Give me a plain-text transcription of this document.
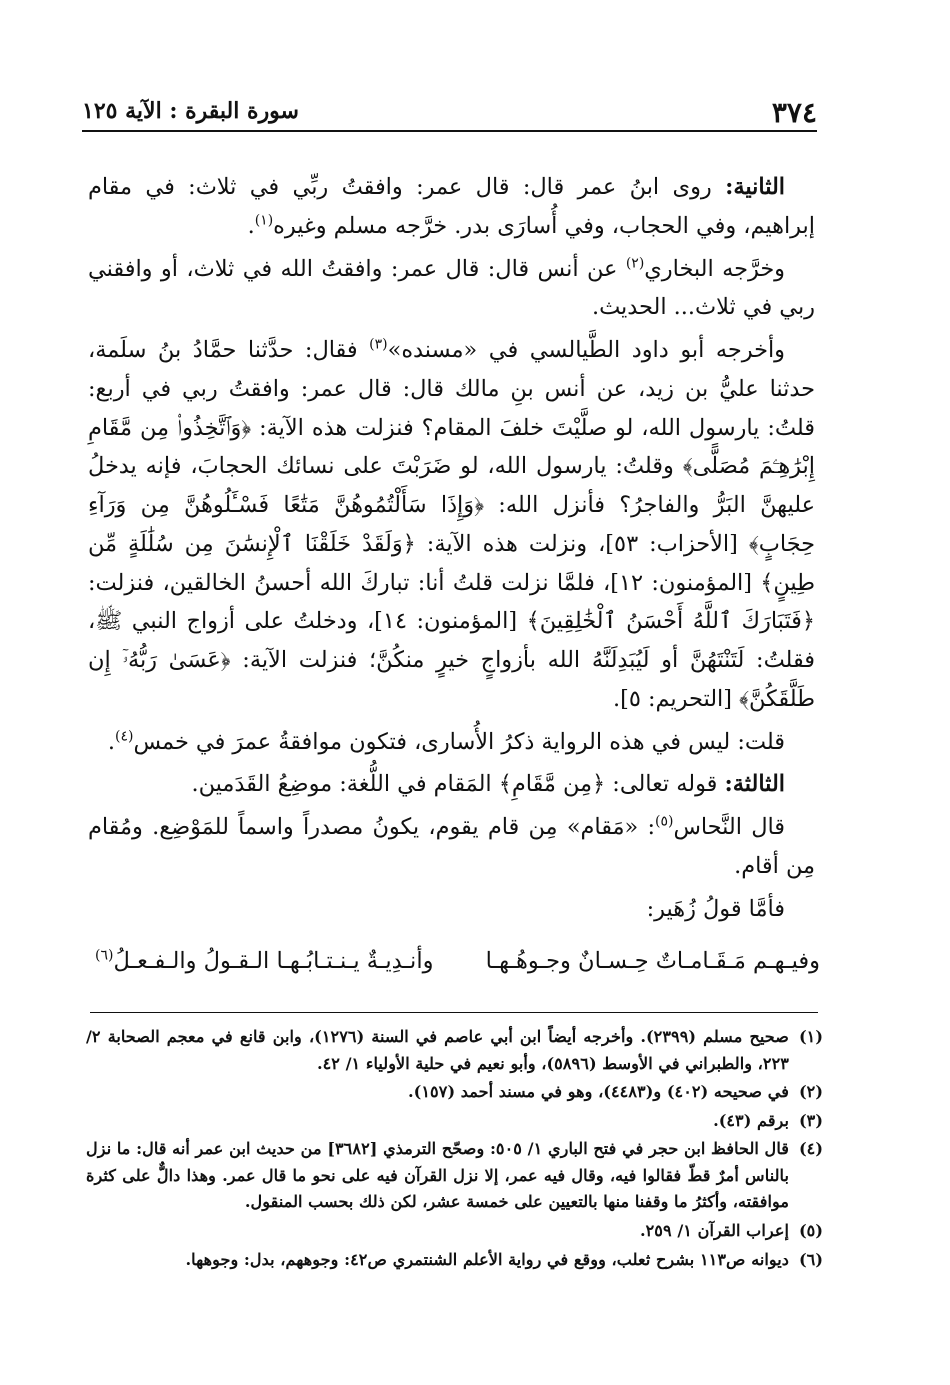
٣٧٤
سورة البقرة : الآية ١٢٥

الثانية: روى ابنُ عمر قال: قال عمر: وافقتُ ربِّي في ثلاث: في مقام إبراهيم، وفي الحجاب، وفي أُسارَى بدر. خرَّجه مسلم وغيره$^{(١)}$.

وخرَّجه البخاري$^{(٢)}$ عن أنس قال: قال عمر: وافقتُ الله في ثلاث، أو وافقني ربي في ثلاث... الحديث.

وأخرجه أبو داود الطَّيالسي في «مسنده»$^{(٣)}$ فقال: حدَّثنا حمَّادُ بنُ سلَمة، حدثنا عليُّ بن زيد، عن أنس بنِ مالك قال: قال عمر: وافقتُ ربي في أربع: قلتُ: يارسول الله، لو صلَّيْتَ خلفَ المقام؟ فنزلت هذه الآية: ﴿وَٱتَّخِذُوا۟ مِن مَّقَامِ إِبْرَٰهِـۧمَ مُصَلًّى﴾ وقلتُ: يارسول الله، لو ضَرَبْتَ على نسائك الحجابَ، فإنه يدخلُ عليهنَّ البَرُّ والفاجرُ؟ فأنزل الله: ﴿وَإِذَا سَأَلْتُمُوهُنَّ مَتَٰعًا فَسْـَٔلُوهُنَّ مِن وَرَآءِ حِجَابٍ﴾ [الأحزاب: ٥٣]، ونزلت هذه الآية: ﴿وَلَقَدْ خَلَقْنَا ٱلْإِنسَٰنَ مِن سُلَٰلَةٍ مِّن طِينٍ﴾ [المؤمنون: ١٢]، فلمَّا نزلت قلتُ أنا: تباركَ الله أحسنُ الخالقين، فنزلت: ﴿فَتَبَارَكَ ٱللَّهُ أَحْسَنُ ٱلْخَٰلِقِينَ﴾ [المؤمنون: ١٤]، ودخلتُ على أزواج النبي ﷺ، فقلتُ: لَتَنْتَهُنَّ أو لَيُبَدِلَنَّهُ الله بأزواجٍ خيرٍ منكُنَّ؛ فنزلت الآية: ﴿عَسَىٰ رَبُّهُۥٓ إِن طَلَّقَكُنَّ﴾ [التحريم: ٥].

قلت: ليس في هذه الرواية ذكرُ الأُسارى، فتكون موافقةُ عمرَ في خمس$^{(٤)}$.

الثالثة: قوله تعالى: ﴿مِن مَّقَامِ﴾ المَقام في اللُّغة: موضِعُ القَدَمين.

قال النَّحاس$^{(٥)}$: «مَقام» مِن قام يقوم، يكونُ مصدراً واسماً للمَوْضِع. ومُقام مِن أقام.

فأمَّا قولُ زُهَير:

وفيـهـم مَـقَـامـاتٌ حِـسـانٌ وجـوهُـهـا
وأنـدِيـةٌ يـنـتـابُـهـا الـقـولُ والـفـعـلُ$^{(٦)}$
(١)
صحيح مسلم (٢٣٩٩). وأخرجه أيضاً ابن أبي عاصم في السنة (١٢٧٦)، وابن قانع في معجم الصحابة ٢/ ٢٢٣، والطبراني في الأوسط (٥٨٩٦)، وأبو نعيم في حلية الأولياء ١/ ٤٢.
(٢)
في صحيحه (٤٠٢) و(٤٤٨٣)، وهو في مسند أحمد (١٥٧).
(٣)
برقم (٤٣).
(٤)
قال الحافظ ابن حجر في فتح الباري ١/ ٥٠٥: وصحّح الترمذي [٣٦٨٢] من حديث ابن عمر أنه قال: ما نزل بالناس أمرٌ قطّ فقالوا فيه، وقال فيه عمر، إلا نزل القرآن فيه على نحو ما قال عمر. وهذا دالٌّ على كثرة موافقته، وأكثرُ ما وقفنا منها بالتعيين على خمسة عشر، لكن ذلك بحسب المنقول.
(٥)
إعراب القرآن ١/ ٢٥٩.
(٦)
ديوانه ص١١٣ بشرح ثعلب، ووقع في رواية الأعلم الشنتمري ص٤٢: وجوههم، بدل: وجوهها.
